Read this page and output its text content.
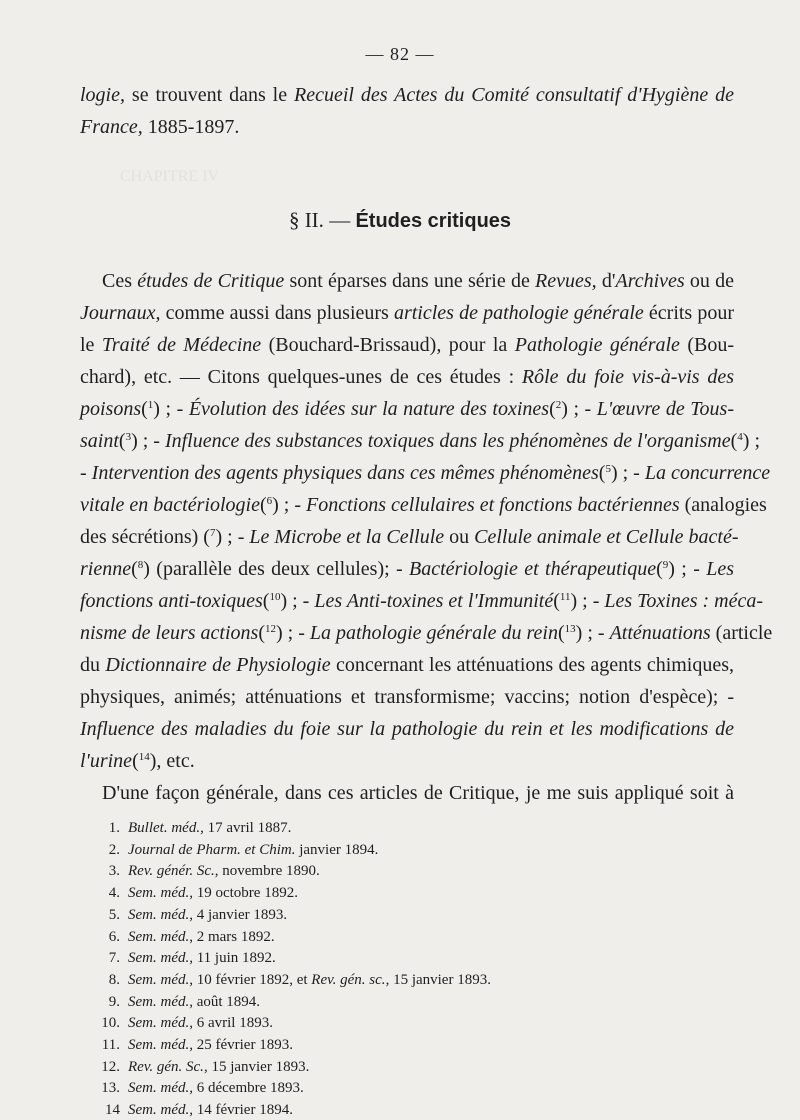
— 82 —
CHAPITRE IV
logie, se trouvent dans le Recueil des Actes du Comité consultatif d'Hygiène de
France, 1885-1897.
Ces études de Critique sont éparses dans une série de Revues, d'Archives ou de
Journaux, comme aussi dans plusieurs articles de pathologie générale écrits pour
le Traité de Médecine (Bouchard-Brissaud), pour la Pathologie générale (Bou-
chard), etc. — Citons quelques-unes de ces études : Rôle du foie vis-à-vis des
poisons($^1$) ; - Évolution des idées sur la nature des toxines($^2$) ; - L'œuvre de Tous-
saint($^3$) ; - Influence des substances toxiques dans les phénomènes de l'organisme($^4$) ;
- Intervention des agents physiques dans ces mêmes phénomènes($^5$) ; - La concurrence
vitale en bactériologie($^6$) ; - Fonctions cellulaires et fonctions bactériennes (analogies
des sécrétions) ($^7$) ; - Le Microbe et la Cellule ou Cellule animale et Cellule bacté-
rienne($^8$) (parallèle des deux cellules); - Bactériologie et thérapeutique($^9$) ; - Les
fonctions anti-toxiques($^{10}$) ; - Les Anti-toxines et l'Immunité($^{11}$) ; - Les Toxines : méca-
nisme de leurs actions($^{12}$) ; - La pathologie générale du rein($^{13}$) ; - Atténuations (article
du Dictionnaire de Physiologie concernant les atténuations des agents chimiques,
physiques, animés; atténuations et transformisme; vaccins; notion d'espèce); -
Influence des maladies du foie sur la pathologie du rein et les modifications de
l'urine($^{14}$), etc.
D'une façon générale, dans ces articles de Critique, je me suis appliqué soit à
§ II. — Études critiques
1. Bullet. méd., 17 avril 1887.
2. Journal de Pharm. et Chim. janvier 1894.
3. Rev. génér. Sc., novembre 1890.
4. Sem. méd., 19 octobre 1892.
5. Sem. méd., 4 janvier 1893.
6. Sem. méd., 2 mars 1892.
7. Sem. méd., 11 juin 1892.
8. Sem. méd., 10 février 1892, et Rev. gén. sc., 15 janvier 1893.
9. Sem. méd., août 1894.
10. Sem. méd., 6 avril 1893.
11. Sem. méd., 25 février 1893.
12. Rev. gén. Sc., 15 janvier 1893.
13. Sem. méd., 6 décembre 1893.
14 Sem. méd., 14 février 1894.
